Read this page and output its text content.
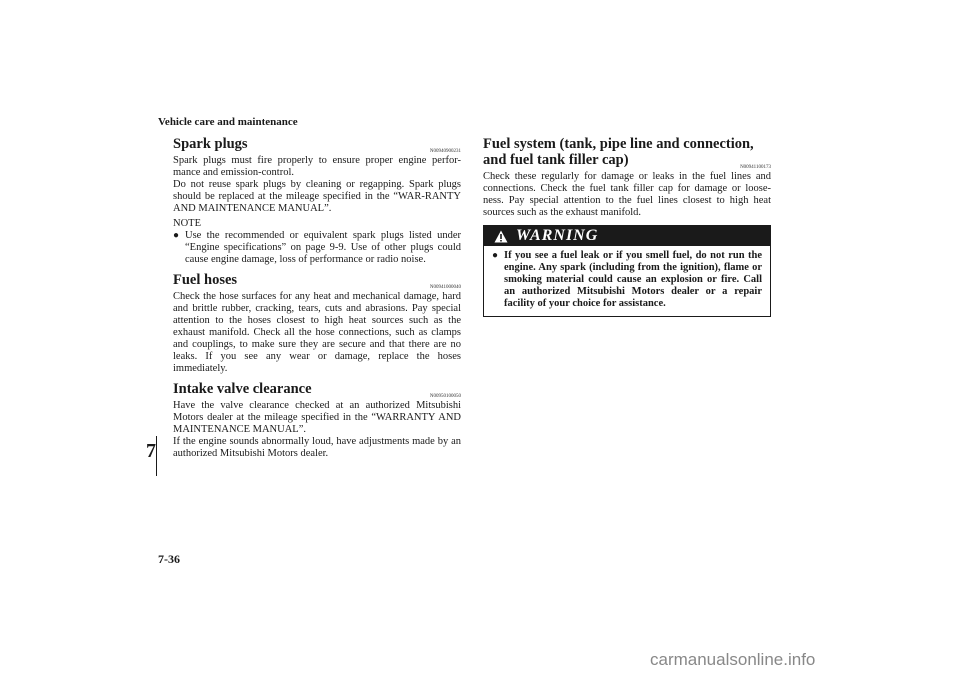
Vehicle care and maintenance
7
Spark plugs	N00940900231

Spark plugs must fire properly to ensure proper engine perfor-mance and emission-control.

Do not reuse spark plugs by cleaning or regapping. Spark plugs should be replaced at the mileage specified in the “WAR-RANTY AND MAINTENANCE MANUAL”.

NOTE
● Use the recommended or equivalent spark plugs listed under “Engine specifications” on page 9-9. Use of other plugs could cause engine damage, loss of performance or radio noise.
Fuel hoses	N00941000040

Check the hose surfaces for any heat and mechanical damage, hard and brittle rubber, cracking, tears, cuts and abrasions. Pay special attention to the hoses closest to high heat sources such as the exhaust manifold. Check all the hose connections, such as clamps and couplings, to make sure they are secure and that there are no leaks. If you see any wear or damage, replace the hoses immediately.

Intake valve clearance	N00950100050

Have the valve clearance checked at an authorized Mitsubishi Motors dealer at the mileage specified in the “WARRANTY AND MAINTENANCE MANUAL”.

If the engine sounds abnormally loud, have adjustments made by an authorized Mitsubishi Motors dealer.

Fuel system (tank, pipe line and connection, and fuel tank filler cap)	N00941100173

Check these regularly for damage or leaks in the fuel lines and connections. Check the fuel tank filler cap for damage or loose-ness. Pay special attention to the fuel lines closest to high heat sources such as the exhaust manifold.

WARNING
● If you see a fuel leak or if you smell fuel, do not run the engine. Any spark (including from the ignition), flame or smoking material could cause an explosion or fire. Call an authorized Mitsubishi Motors dealer or a repair facility of your choice for assistance.
7-36
carmanualsonline.info
